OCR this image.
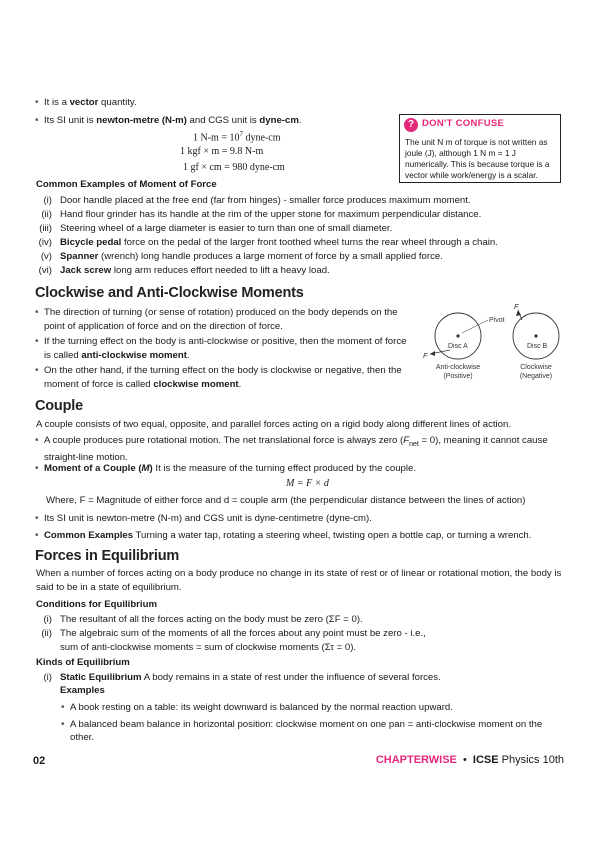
• It is a vector quantity.
• Its SI unit is newton-metre (N-m) and CGS unit is dyne-cm.
1 $N-m = 10^7$ dyne-cm
1 kgf × m = 9.8 N-m
1 gf × cm = 980 dyne-cm
? DON'T CONFUSE
The unit N m of torque is not written as joule (J), although 1 N m = 1 J numerically. This is because torque is a vector while work/energy is a scalar.
Common Examples of Moment of Force
(i) Door handle placed at the free end (far from hinges) - smaller force produces maximum moment.
(ii) Hand flour grinder has its handle at the rim of the upper stone for maximum perpendicular distance.
(iii) Steering wheel of a large diameter is easier to turn than one of small diameter.
(iv) Bicycle pedal force on the pedal of the larger front toothed wheel turns the rear wheel through a chain.
(v) Spanner (wrench) long handle produces a large moment of force by a small applied force.
(vi) Jack screw long arm reduces effort needed to lift a heavy load.
Clockwise and Anti-Clockwise Moments
• The direction of turning (or sense of rotation) produced on the body depends on the point of application of force and on the direction of force.
• If the turning effect on the body is anti-clockwise or positive, then the moment of force is called anti-clockwise moment.
• On the other hand, if the turning effect on the body is clockwise or negative, then the moment of force is called clockwise moment.
F
Disc A
F
Disc B
Pivot
Anti-clockwise
(Positive)
Clockwise
(Negative)
Couple
A couple consists of two equal, opposite, and parallel forces acting on a rigid body along different lines of action.
• A couple produces pure rotational motion. The net translational force is always zero $(F_{net} = 0)$, meaning it cannot cause straight-line motion.
• Moment of a Couple (M) It is the measure of the turning effect produced by the couple.
M = F × d
Where, F = Magnitude of either force and d = couple arm (the perpendicular distance between the lines of action)
• Its SI unit is newton-metre (N-m) and CGS unit is dyne-centimetre (dyne-cm).
• Common Examples Turning a water tap, rotating a steering wheel, twisting open a bottle cap, or turning a wrench.
Forces in Equilibrium
When a number of forces acting on a body produce no change in its state of rest or of linear or rotational motion, the body is said to be in a state of equilibrium.
Conditions for Equilibrium
(i) The resultant of all the forces acting on the body must be zero (ΣF = 0).
(ii) The algebraic sum of the moments of all the forces about any point must be zero - i.e.,
sum of anti-clockwise moments = sum of clockwise moments (Στ = 0).
Kinds of Equilibrium
(i) Static Equilibrium A body remains in a state of rest under the influence of several forces.
Examples
• A book resting on a table: its weight downward is balanced by the normal reaction upward.
• A balanced beam balance in horizontal position: clockwise moment on one pan = anti-clockwise moment on the
other.
02	CHAPTERWISE • ICSE Physics 10th
